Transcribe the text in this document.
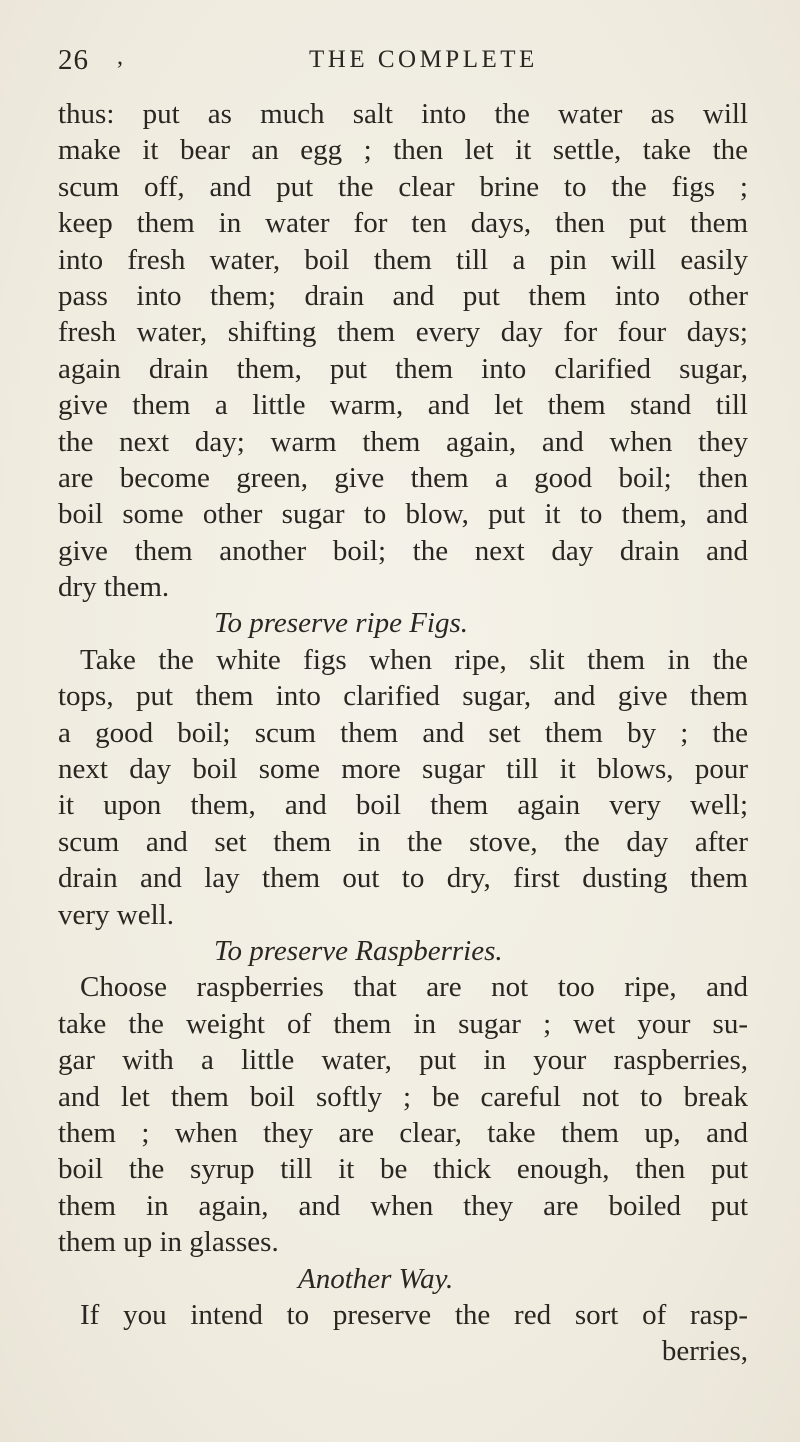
26 ,	THE COMPLETE
thus: put as much salt into the water as will
make it bear an egg ; then let it settle, take the
scum off, and put the clear brine to the figs ;
keep them in water for ten days, then put them
into fresh water, boil them till a pin will easily
pass into them; drain and put them into other
fresh water, shifting them every day for four days;
again drain them, put them into clarified sugar,
give them a little warm, and let them stand till
the next day; warm them again, and when they
are become green, give them a good boil; then
boil some other sugar to blow, put it to them, and
give them another boil; the next day drain and
dry them.
To preserve ripe Figs.
Take the white figs when ripe, slit them in the
tops, put them into clarified sugar, and give them
a good boil; scum them and set them by ; the
next day boil some more sugar till it blows, pour
it upon them, and boil them again very well;
scum and set them in the stove, the day after
drain and lay them out to dry, first dusting them
very well.
To preserve Raspberries.
Choose raspberries that are not too ripe, and
take the weight of them in sugar ; wet your su-
gar with a little water, put in your raspberries,
and let them boil softly ; be careful not to break
them ; when they are clear, take them up, and
boil the syrup till it be thick enough, then put
them in again, and when they are boiled put
them up in glasses.
Another Way.
If you intend to preserve the red sort of rasp-
berries,
